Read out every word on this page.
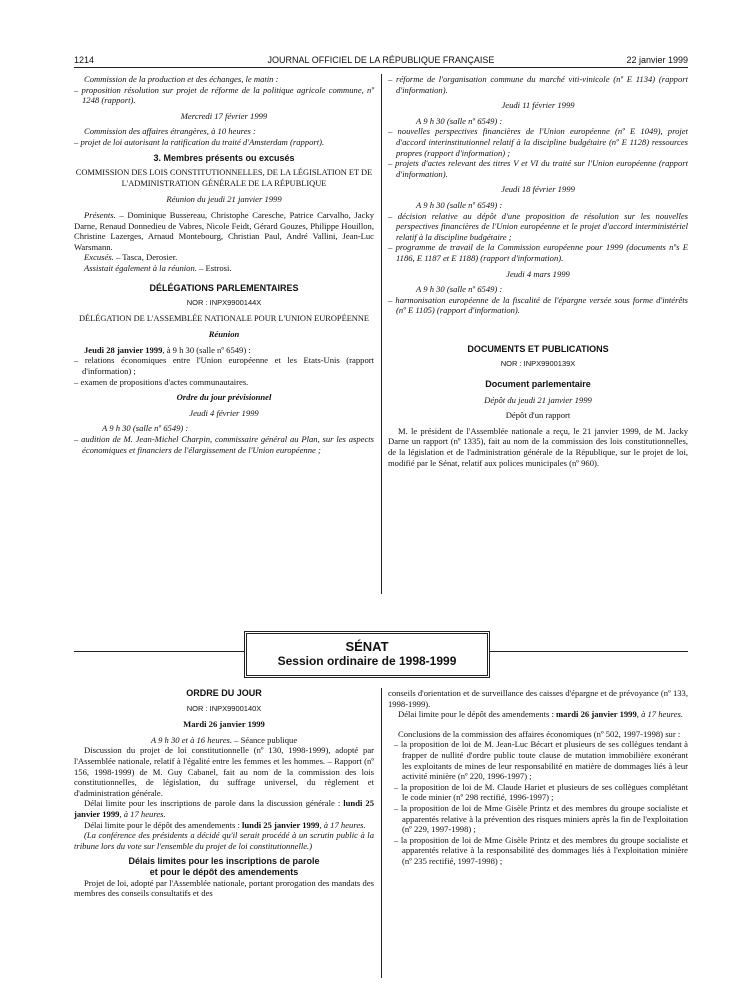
1214	JOURNAL OFFICIEL DE LA RÉPUBLIQUE FRANÇAISE	22 janvier 1999

Commission de la production et des échanges, le matin :

– proposition résolution sur projet de réforme de la politique agricole commune, nº 1248 (rapport).

Mercredi 17 février 1999

Commission des affaires étrangères, à 10 heures :

– projet de loi autorisant la ratification du traité d'Amsterdam (rapport).

3. Membres présents ou excusés

COMMISSION DES LOIS CONSTITUTIONNELLES, DE LA LÉGISLATION ET DE L'ADMINISTRATION GÉNÉRALE DE LA RÉPUBLIQUE

Réunion du jeudi 21 janvier 1999

Présents. – Dominique Bussereau, Christophe Caresche, Patrice Carvalho, Jacky Darne, Renaud Donnedieu de Vabres, Nicole Feidt, Gérard Gouzes, Philippe Houillon, Christine Lazerges, Arnaud Montebourg, Christian Paul, André Vallini, Jean-Luc Warsmann.

Excusés. – Tasca, Derosier.

Assistait également à la réunion. – Estrosi.

DÉLÉGATIONS PARLEMENTAIRES

NOR : INPX9900144X

DÉLÉGATION DE L'ASSEMBLÉE NATIONALE POUR L'UNION EUROPÉENNE

Réunion

Jeudi 28 janvier 1999, à 9 h 30 (salle nº 6549) :

– relations économiques entre l'Union européenne et les Etats-Unis (rapport d'information) ;

– examen de propositions d'actes communautaires.

Ordre du jour prévisionnel

Jeudi 4 février 1999

A 9 h 30 (salle nº 6549) :

– audition de M. Jean-Michel Charpin, commissaire général au Plan, sur les aspects économiques et financiers de l'élargissement de l'Union européenne ;

– réforme de l'organisation commune du marché viti-vinicole (nº E 1134) (rapport d'information).

Jeudi 11 février 1999

A 9 h 30 (salle nº 6549) :

– nouvelles perspectives financières de l'Union européenne (nº E 1049), projet d'accord interinstitutionnel relatif à la discipline budgétaire (nº E 1128) ressources propres (rapport d'information) ;

– projets d'actes relevant des titres V et VI du traité sur l'Union européenne (rapport d'information).

Jeudi 18 février 1999

A 9 h 30 (salle nº 6549) :

– décision relative au dépôt d'une proposition de résolution sur les nouvelles perspectives financières de l'Union européenne et le projet d'accord interministériel relatif à la discipline budgétaire ;

– programme de travail de la Commission européenne pour 1999 (documents nºs E 1186, E 1187 et E 1188) (rapport d'information).

Jeudi 4 mars 1999

A 9 h 30 (salle nº 6549) :

– harmonisation européenne de la fiscalité de l'épargne versée sous forme d'intérêts (nº E 1105) (rapport d'information).

DOCUMENTS ET PUBLICATIONS

NOR : INPX9900139X

Document parlementaire

Dépôt du jeudi 21 janvier 1999

Dépôt d'un rapport

M. le président de l'Assemblée nationale a reçu, le 21 janvier 1999, de M. Jacky Darne un rapport (nº 1335), fait au nom de la commission des lois constitutionnelles, de la législation et de l'administration générale de la République, sur le projet de loi, modifié par le Sénat, relatif aux polices municipales (nº 960).

SÉNAT
Session ordinaire de 1998-1999

ORDRE DU JOUR

NOR : INPX9900140X

Mardi 26 janvier 1999

A 9 h 30 et à 16 heures. – Séance publique

Discussion du projet de loi constitutionnelle (nº 130, 1998-1999), adopté par l'Assemblée nationale, relatif à l'égalité entre les femmes et les hommes. – Rapport (nº 156, 1998-1999) de M. Guy Cabanel, fait au nom de la commission des lois constitutionnelles, de législation, du suffrage universel, du règlement et d'administration générale.

Délai limite pour les inscriptions de parole dans la discussion générale : lundi 25 janvier 1999, à 17 heures.

Délai limite pour le dépôt des amendements : lundi 25 janvier 1999, à 17 heures.

(La conférence des présidents a décidé qu'il serait procédé à un scrutin public à la tribune lors du vote sur l'ensemble du projet de loi constitutionnelle.)

Délais limites pour les inscriptions de parole

et pour le dépôt des amendements

Projet de loi, adopté par l'Assemblée nationale, portant prorogation des mandats des membres des conseils consultatifs et des

conseils d'orientation et de surveillance des caisses d'épargne et de prévoyance (nº 133, 1998-1999).

Délai limite pour le dépôt des amendements : mardi 26 janvier 1999, à 17 heures.

Conclusions de la commission des affaires économiques (nº 502, 1997-1998) sur :

– la proposition de loi de M. Jean-Luc Bécart et plusieurs de ses collègues tendant à frapper de nullité d'ordre public toute clause de mutation immobilière exonérant les exploitants de mines de leur responsabilité en matière de dommages liés à leur activité minière (nº 220, 1996-1997) ;

– la proposition de loi de M. Claude Hariet et plusieurs de ses collègues complétant le code minier (nº 298 rectifié, 1996-1997) ;

– la proposition de loi de Mme Gisèle Printz et des membres du groupe socialiste et apparentés relative à la prévention des risques miniers après la fin de l'exploitation (nº 229, 1997-1998) ;

– la proposition de loi de Mme Gisèle Printz et des membres du groupe socialiste et apparentés relative à la responsabilité des dommages liés à l'exploitation minière (nº 235 rectifié, 1997-1998) ;
